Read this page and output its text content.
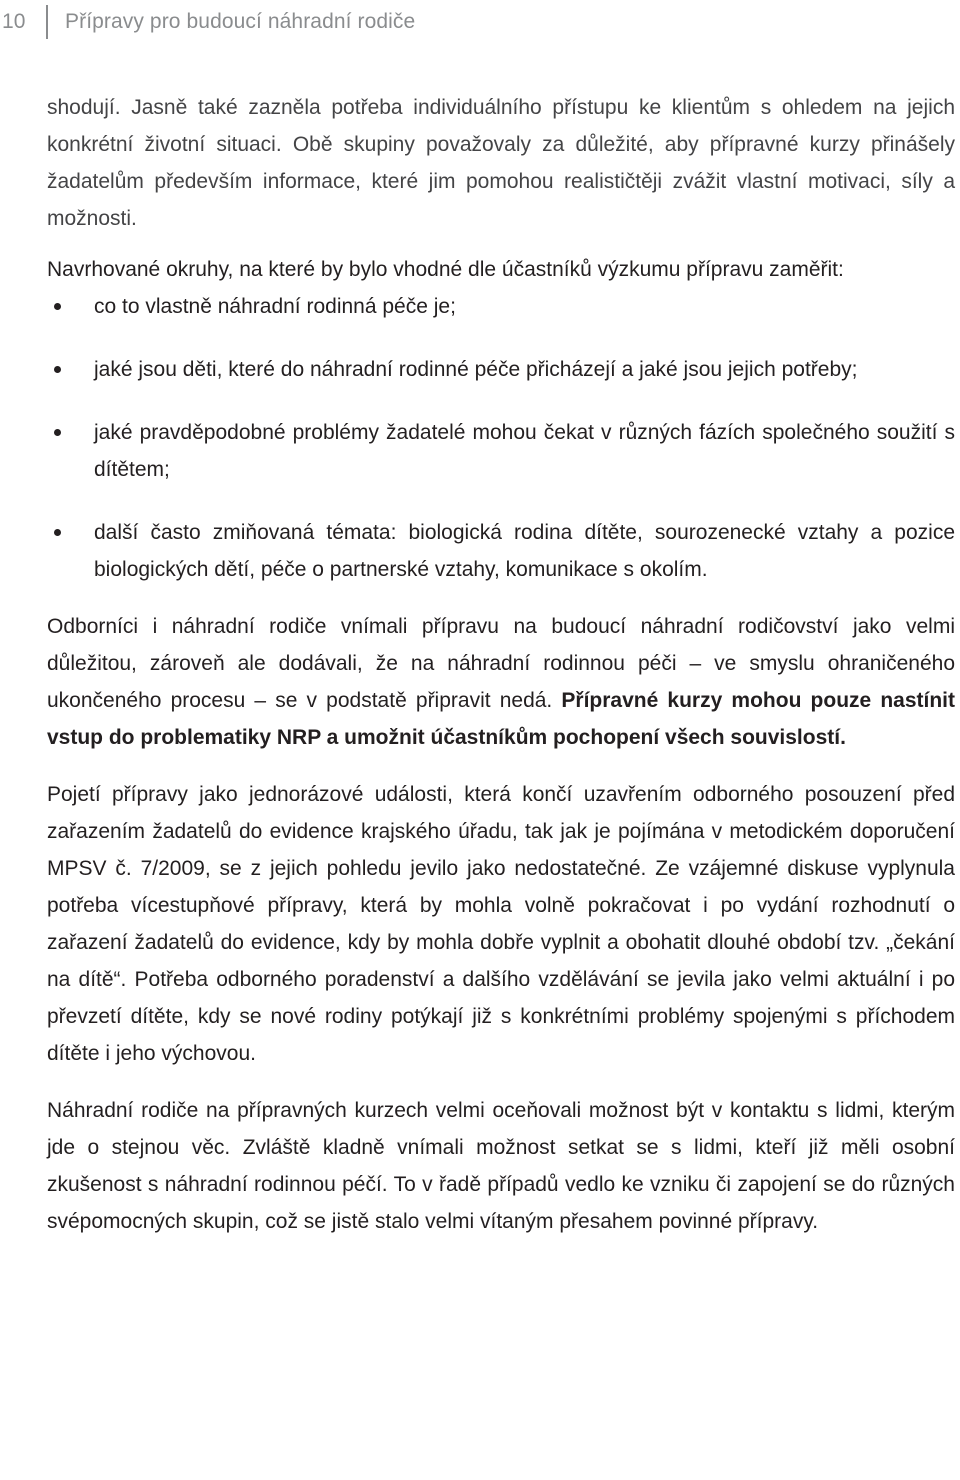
10	Přípravy pro budoucí náhradní rodiče

shodují. Jasně také zazněla potřeba individuálního přístupu ke klientům s ohledem na jejich konkrétní životní situaci. Obě skupiny považovaly za důležité, aby přípravné kurzy přinášely žadatelům především informace, které jim pomohou realističtěji zvážit vlastní motivaci, síly a možnosti.

Navrhované okruhy, na které by bylo vhodné dle účastníků výzkumu přípravu zaměřit:

co to vlastně náhradní rodinná péče je;
jaké jsou děti, které do náhradní rodinné péče přicházejí a jaké jsou jejich potřeby;
jaké pravděpodobné problémy žadatelé mohou čekat v různých fázích společného soužití s dítětem;
další často zmiňovaná témata: biologická rodina dítěte, sourozenecké vztahy a pozice biologických dětí, péče o partnerské vztahy, komunikace s okolím.

Odborníci i náhradní rodiče vnímali přípravu na budoucí náhradní rodičovství jako velmi důležitou, zároveň ale dodávali, že na náhradní rodinnou péči – ve smyslu ohraničeného ukončeného procesu – se v podstatě připravit nedá. Přípravné kurzy mohou pouze nastínit vstup do problematiky NRP a umožnit účastníkům pochopení všech souvislostí.

Pojetí přípravy jako jednorázové události, která končí uzavřením odborného posouzení před zařazením žadatelů do evidence krajského úřadu, tak jak je pojímána v metodickém doporučení MPSV č. 7/2009, se z jejich pohledu jevilo jako nedostatečné. Ze vzájemné diskuse vyplynula potřeba vícestupňové přípravy, která by mohla volně pokračovat i po vydání rozhodnutí o zařazení žadatelů do evidence, kdy by mohla dobře vyplnit a obohatit dlouhé období tzv. „čekání na dítě“. Potřeba odborného poradenství a dalšího vzdělávání se jevila jako velmi aktuální i po převzetí dítěte, kdy se nové rodiny potýkají již s konkrétními problémy spojenými s příchodem dítěte i jeho výchovou.

Náhradní rodiče na přípravných kurzech velmi oceňovali možnost být v kontaktu s lidmi, kterým jde o stejnou věc. Zvláště kladně vnímali možnost setkat se s lidmi, kteří již měli osobní zkušenost s náhradní rodinnou péčí. To v řadě případů vedlo ke vzniku či zapojení se do různých svépomocných skupin, což se jistě stalo velmi vítaným přesahem povinné přípravy.
